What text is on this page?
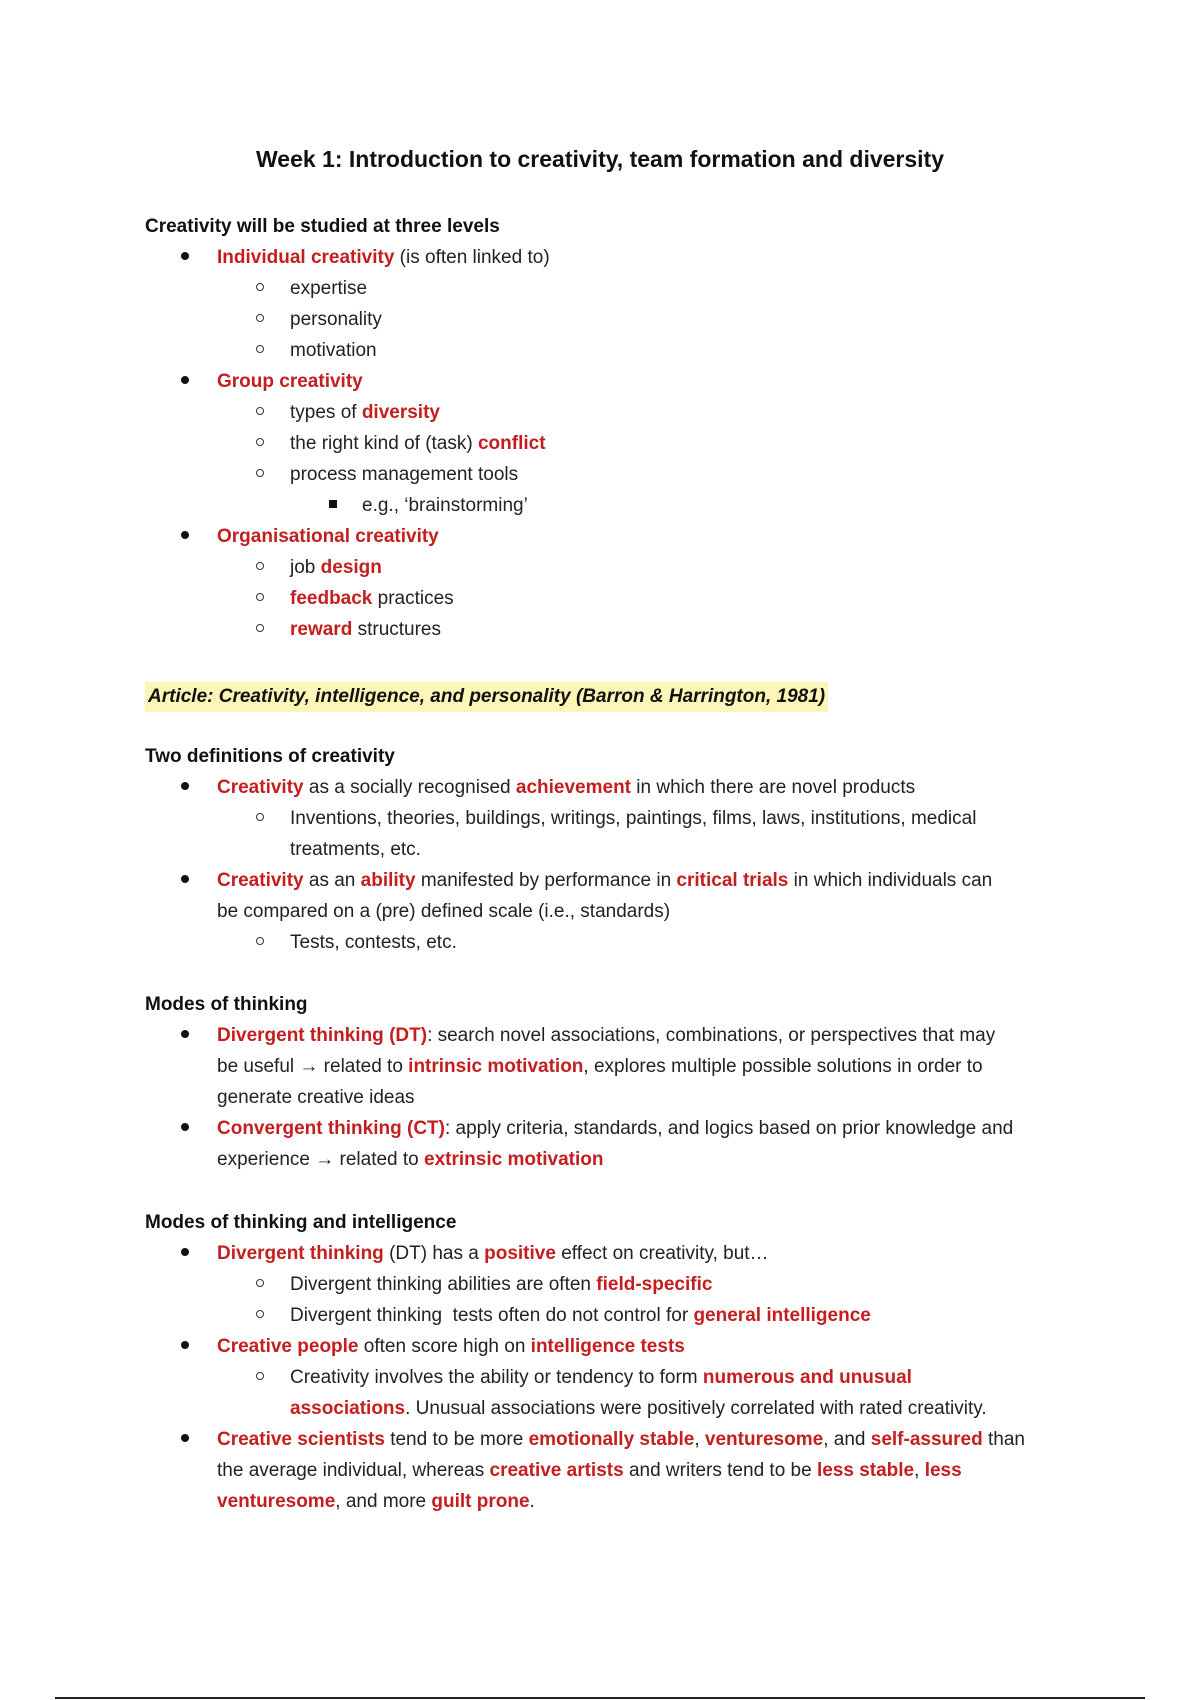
Week 1: Introduction to creativity, team formation and diversity
Creativity will be studied at three levels
Individual creativity (is often linked to)
expertise
personality
motivation
Group creativity
types of diversity
the right kind of (task) conflict
process management tools
e.g., ‘brainstorming’
Organisational creativity
job design
feedback practices
reward structures
Article: Creativity, intelligence, and personality (Barron & Harrington, 1981)
Two definitions of creativity
Creativity as a socially recognised achievement in which there are novel products
Inventions, theories, buildings, writings, paintings, films, laws, institutions, medical
treatments, etc.
Creativity as an ability manifested by performance in critical trials in which individuals can
be compared on a (pre) defined scale (i.e., standards)
Tests, contests, etc.
Modes of thinking
Divergent thinking (DT): search novel associations, combinations, or perspectives that may
be useful → related to intrinsic motivation, explores multiple possible solutions in order to
generate creative ideas
Convergent thinking (CT): apply criteria, standards, and logics based on prior knowledge and
experience → related to extrinsic motivation
Modes of thinking and intelligence
Divergent thinking (DT) has a positive effect on creativity, but…
Divergent thinking abilities are often field-specific
Divergent thinking  tests often do not control for general intelligence
Creative people often score high on intelligence tests
Creativity involves the ability or tendency to form numerous and unusual
associations. Unusual associations were positively correlated with rated creativity.
Creative scientists tend to be more emotionally stable, venturesome, and self-assured than
the average individual, whereas creative artists and writers tend to be less stable, less
venturesome, and more guilt prone.
